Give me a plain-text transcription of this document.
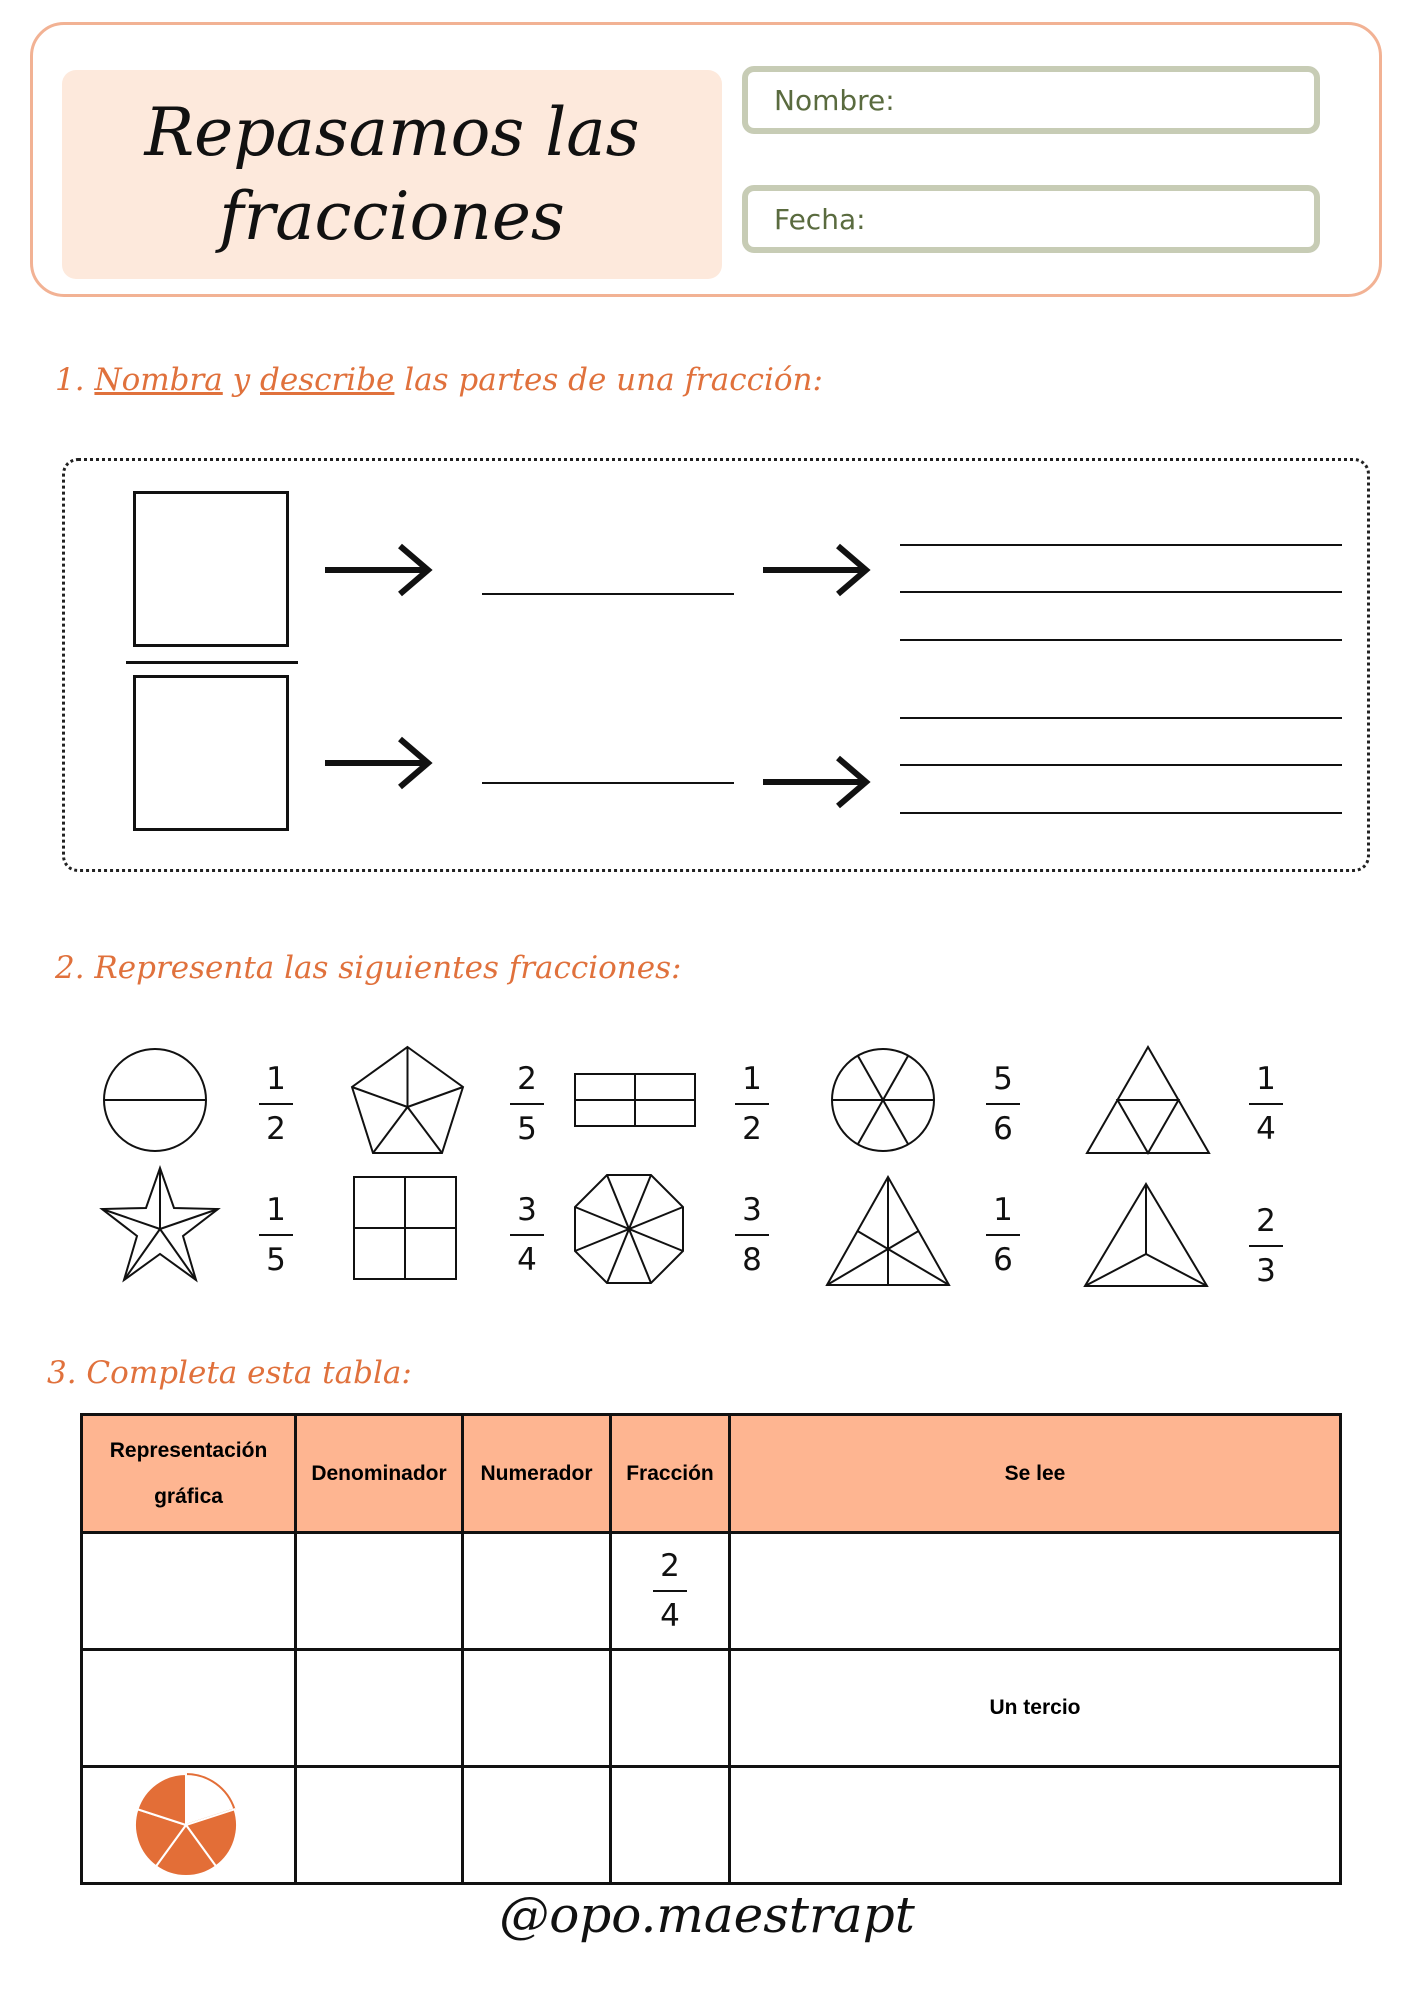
Repasamos las
fracciones
Nombre:
Fecha:
1. Nombra y describe las partes de una fracción:
2. Representa las siguientes fracciones:
1
2
2
5
1
2
5
6
1
4
1
5
3
4
3
8
1
6
2
3
3. Completa esta tabla:
Representación gráfica	Denominador	Numerador	Fracción	Se lee

			$\frac{2}{4}$

				Un tercio

@opo.maestrapt
